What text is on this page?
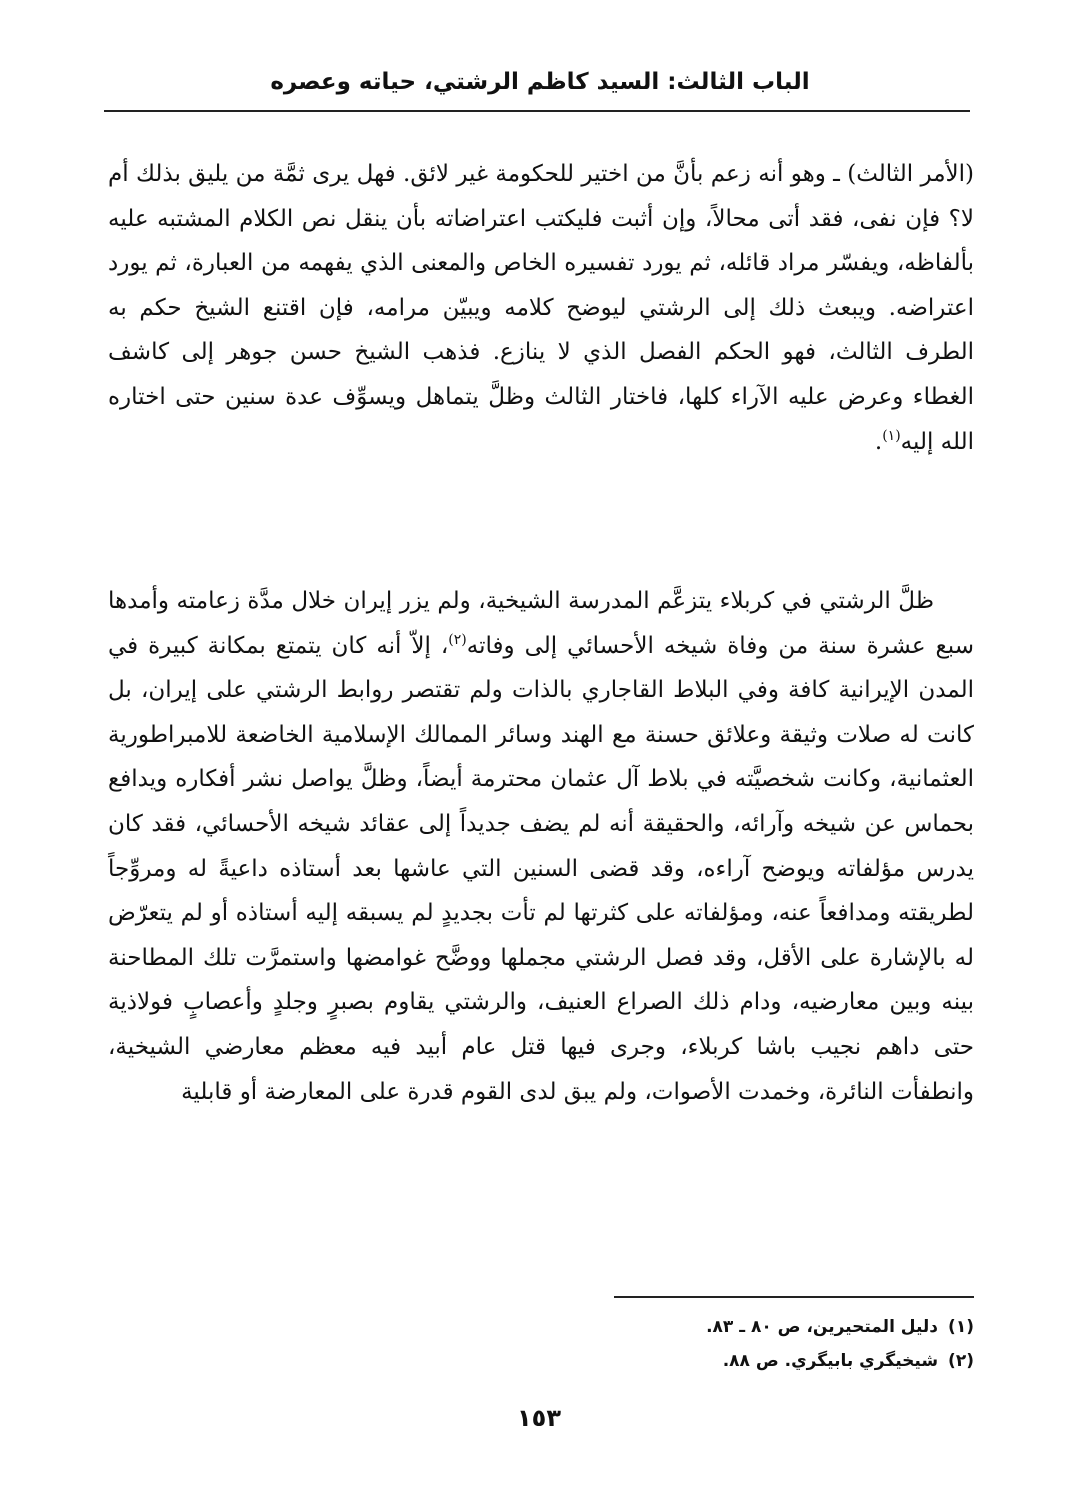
الباب الثالث: السيد كاظم الرشتي، حياته وعصره

(الأمر الثالث) ـ وهو أنه زعم بأنَّ من اختير للحكومة غير لائق. فهل يرى ثمَّة من يليق بذلك أم لا؟ فإن نفى، فقد أتى محالاً، وإن أثبت فليكتب اعتراضاته بأن ينقل نص الكلام المشتبه عليه بألفاظه، ويفسّر مراد قائله، ثم يورد تفسيره الخاص والمعنى الذي يفهمه من العبارة، ثم يورد اعتراضه. ويبعث ذلك إلى الرشتي ليوضح كلامه ويبيّن مرامه، فإن اقتنع الشيخ حكم به الطرف الثالث، فهو الحكم الفصل الذي لا ينازع. فذهب الشيخ حسن جوهر إلى كاشف الغطاء وعرض عليه الآراء كلها، فاختار الثالث وظلَّ يتماهل ويسوِّف عدة سنين حتى اختاره الله إليه$^{(١)}$.

ظلَّ الرشتي في كربلاء يتزعَّم المدرسة الشيخية، ولم يزر إيران خلال مدَّة زعامته وأمدها سبع عشرة سنة من وفاة شيخه الأحسائي إلى وفاته$^{(٢)}$، إلاّ أنه كان يتمتع بمكانة كبيرة في المدن الإيرانية كافة وفي البلاط القاجاري بالذات ولم تقتصر روابط الرشتي على إيران، بل كانت له صلات وثيقة وعلائق حسنة مع الهند وسائر الممالك الإسلامية الخاضعة للامبراطورية العثمانية، وكانت شخصيَّته في بلاط آل عثمان محترمة أيضاً، وظلَّ يواصل نشر أفكاره ويدافع بحماس عن شيخه وآرائه، والحقيقة أنه لم يضف جديداً إلى عقائد شيخه الأحسائي، فقد كان يدرس مؤلفاته ويوضح آراءه، وقد قضى السنين التي عاشها بعد أستاذه داعيةً له ومروِّجاً لطريقته ومدافعاً عنه، ومؤلفاته على كثرتها لم تأت بجديدٍ لم يسبقه إليه أستاذه أو لم يتعرّض له بالإشارة على الأقل، وقد فصل الرشتي مجملها ووضَّح غوامضها واستمرَّت تلك المطاحنة بينه وبين معارضيه، ودام ذلك الصراع العنيف، والرشتي يقاوم بصبرٍ وجلدٍ وأعصابٍ فولاذية حتى داهم نجيب باشا كربلاء، وجرى فيها قتل عام أبيد فيه معظم معارضي الشيخية، وانطفأت النائرة، وخمدت الأصوات، ولم يبق لدى القوم قدرة على المعارضة أو قابلية

(١)دليل المتحيرين، ص ٨٠ ـ ٨٣.
(٢)شيخيگري بابيگري. ص ٨٨.
١٥٣
